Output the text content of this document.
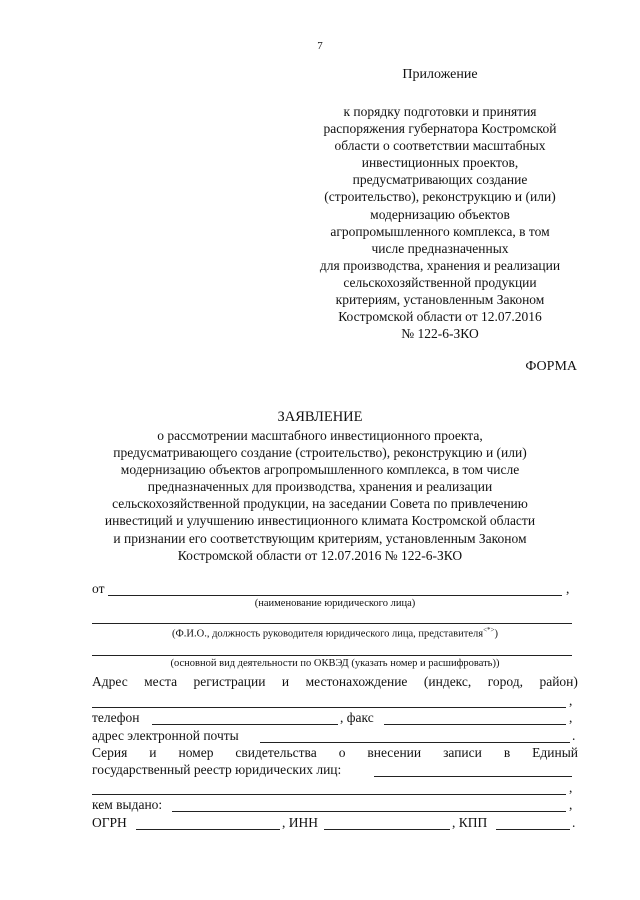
7
Приложение
к порядку подготовки и принятия
распоряжения губернатора Костромской
области о соответствии масштабных
инвестиционных проектов,
предусматривающих создание
(строительство), реконструкцию и (или)
модернизацию объектов
агропромышленного комплекса, в том
числе предназначенных
для производства, хранения и реализации
сельскохозяйственной продукции
критериям, установленным Законом
Костромской области от 12.07.2016
№ 122-6-ЗКО
ФОРМА
ЗАЯВЛЕНИЕ
о рассмотрении масштабного инвестиционного проекта,
предусматривающего создание (строительство), реконструкцию и (или)
модернизацию объектов агропромышленного комплекса, в том числе
предназначенных для производства, хранения и реализации
сельскохозяйственной продукции, на заседании Совета по привлечению
инвестиций и улучшению инвестиционного климата Костромской области
и признании его соответствующим критериям, установленным Законом
Костромской области от 12.07.2016 № 122-6-ЗКО
от	,
(наименование юридического лица)
(Ф.И.О., должность руководителя юридического лица, представителя<*>)
(основной вид деятельности по ОКВЭД (указать номер и расшифровать))
Адрес места регистрации и местонахождение (индекс, город, район)
,
телефон	, факс	,
адрес электронной почты	.
Серия и номер свидетельства о внесении записи в Единый
государственный реестр юридических лиц:
,
кем выдано:	,
ОГРН	, ИНН	, КПП	.
